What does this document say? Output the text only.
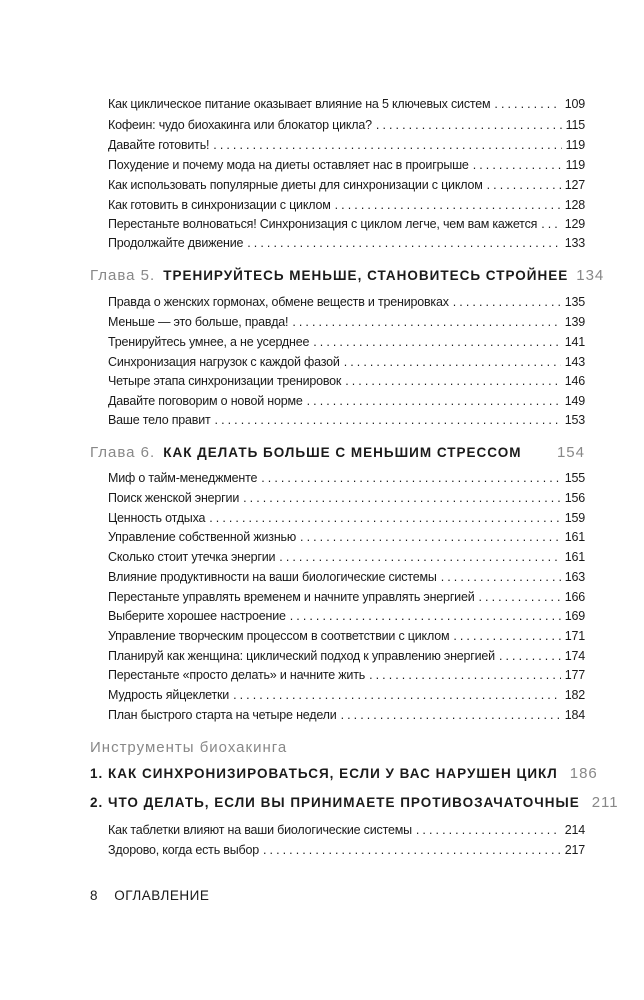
Как циклическое питание оказывает влияние на 5 ключевых систем . . .	109
Кофеин: чудо биохакинга или блокатор цикла? . . .	115
Давайте готовить! . . .	119
Похудение и почему мода на диеты оставляет нас в проигрыше . . .	119
Как использовать популярные диеты для синхронизации с циклом . . .	127
Как готовить в синхронизации с циклом . . .	128
Перестаньте волноваться! Синхронизация с циклом легче, чем вам кажется . . . 129
Продолжайте движение . . .	133
Глава 5. ТРЕНИРУЙТЕСЬ МЕНЬШЕ, СТАНОВИТЕСЬ СТРОЙНЕЕ 134
Правда о женских гормонах, обмене веществ и тренировках . . .	135
Меньше — это больше, правда! . . .	139
Тренируйтесь умнее, а не усерднее . . .	141
Синхронизация нагрузок с каждой фазой . . .	143
Четыре этапа синхронизации тренировок . . .	146
Давайте поговорим о новой норме . . .	149
Ваше тело правит . . .	153
Глава 6. КАК ДЕЛАТЬ БОЛЬШЕ С МЕНЬШИМ СТРЕССОМ 154
Миф о тайм-менеджменте . . .	155
Поиск женской энергии . . .	156
Ценность отдыха . . .	159
Управление собственной жизнью . . .	161
Сколько стоит утечка энергии . . .	161
Влияние продуктивности на ваши биологические системы . . .	163
Перестаньте управлять временем и начните управлять энергией . . .	166
Выберите хорошее настроение . . .	169
Управление творческим процессом в соответствии с циклом . . .	171
Планируй как женщина: циклический подход к управлению энергией . . .	174
Перестаньте «просто делать» и начните жить . . .	177
Мудрость яйцеклетки . . .	182
План быстрого старта на четыре недели . . .	184
Инструменты биохакинга
1. КАК СИНХРОНИЗИРОВАТЬСЯ, ЕСЛИ У ВАС НАРУШЕН ЦИКЛ 186
2. ЧТО ДЕЛАТЬ, ЕСЛИ ВЫ ПРИНИМАЕТЕ ПРОТИВОЗАЧАТОЧНЫЕ 211
Как таблетки влияют на ваши биологические системы . . .	214
Здорово, когда есть выбор . . .	217
8 ОГЛАВЛЕНИЕ
